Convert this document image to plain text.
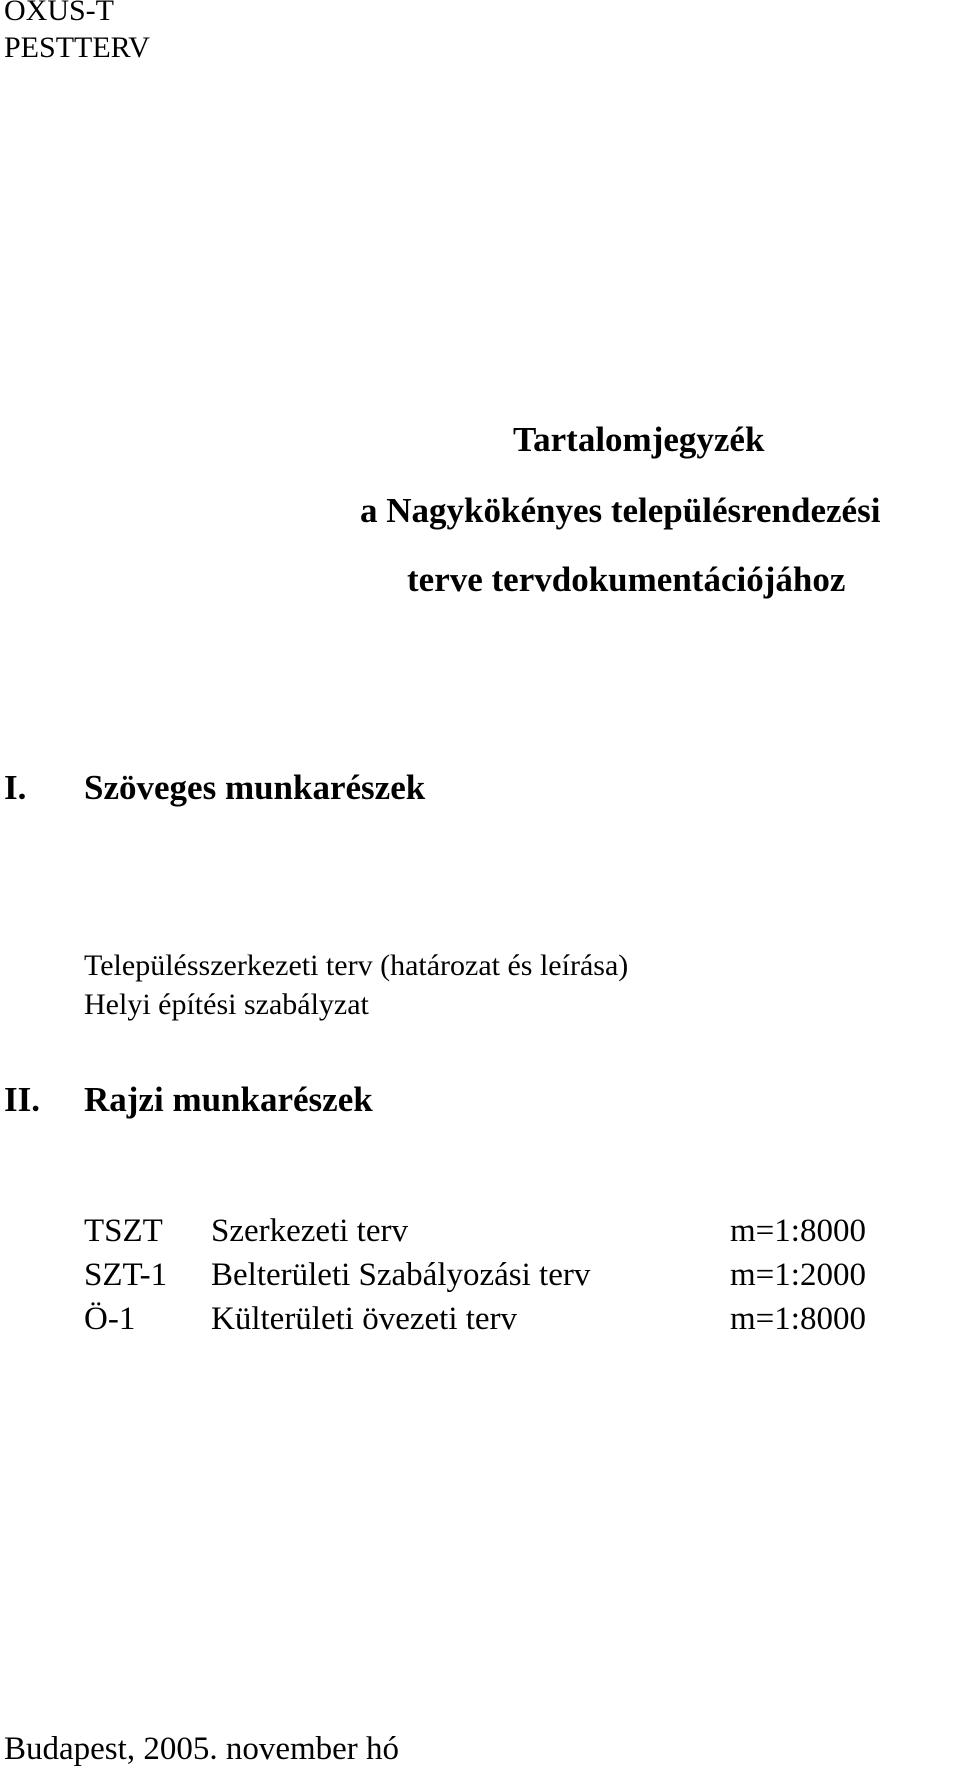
OXUS-T
PESTTERV
Tartalomjegyzék
a Nagykökényes településrendezési
terve tervdokumentációjához
I. Szöveges munkarészek
Településszerkezeti terv (határozat és leírása)
Helyi építési szabályzat
II. Rajzi munkarészek
TSZT Szerkezeti terv	m=1:8000
SZT-1 Belterületi Szabályozási terv	m=1:2000
Ö-1 Külterületi övezeti terv	m=1:8000
Budapest, 2005. november hó
